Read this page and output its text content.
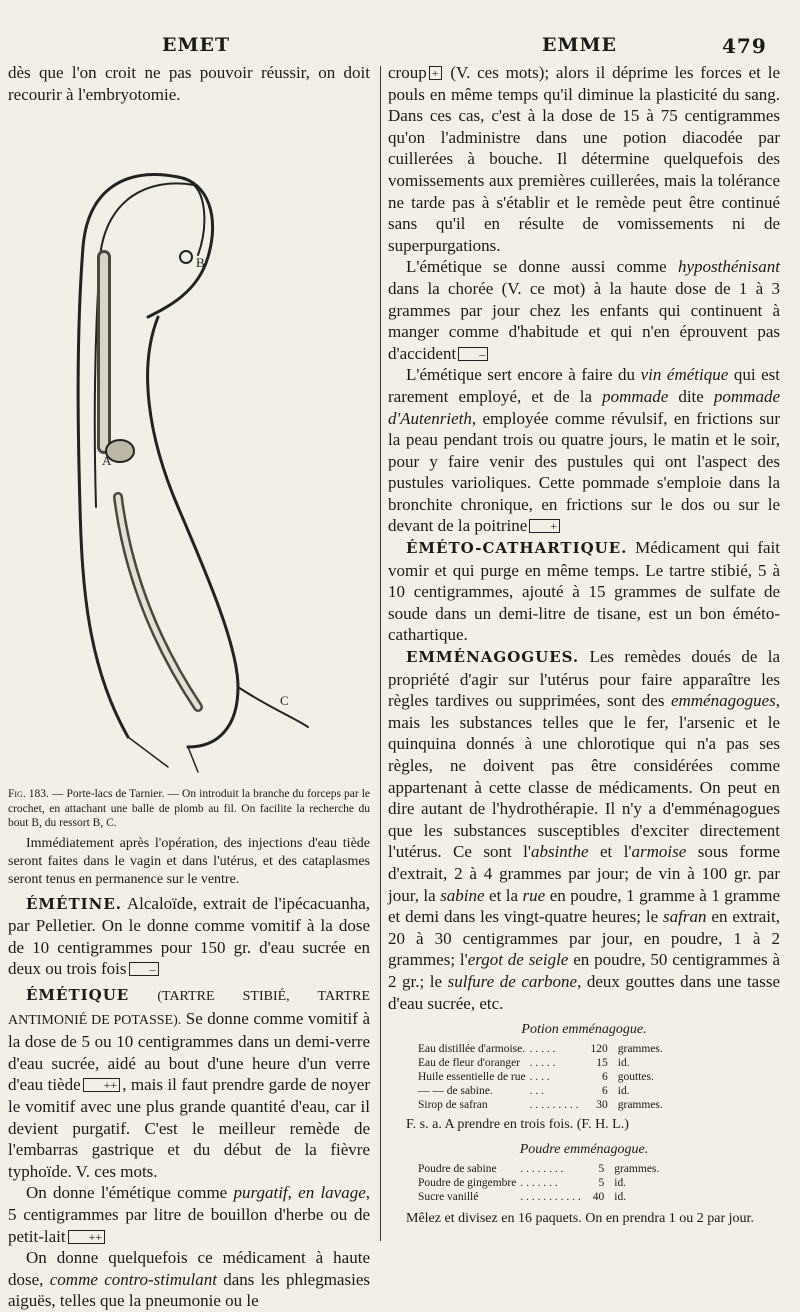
EMET	EMME	479

dès que l'on croit ne pas pouvoir réussir, on doit recourir à l'embryotomie.

B
A
C

Fig. 183. — Porte-lacs de Tarnier. — On introduit la branche du forceps par le crochet, en attachant une balle de plomb au fil. On facilite la recherche du bout B, du ressort B, C.

Immédiatement après l'opération, des injections d'eau tiède seront faites dans le vagin et dans l'utérus, et des cataplasmes seront tenus en permanence sur le ventre.

ÉMÉTINE. Alcaloïde, extrait de l'ipécacuanha, par Pelletier. On le donne comme vomitif à la dose de 10 centigrammes pour 150 gr. d'eau sucrée en deux ou trois fois –

ÉMÉTIQUE (TARTRE STIBIÉ, TARTRE ANTIMONIÉ DE POTASSE). Se donne comme vomitif à la dose de 5 ou 10 centigrammes dans un demi-verre d'eau sucrée, aidé au bout d'une heure d'un verre d'eau tiède ++ , mais il faut prendre garde de noyer le vomitif avec une plus grande quantité d'eau, car il devient purgatif. C'est le meilleur remède de l'embarras gastrique et du début de la fièvre typhoïde. V. ces mots.

On donne l'émétique comme purgatif, en lavage, 5 centigrammes par litre de bouillon d'herbe ou de petit-lait ++

On donne quelquefois ce médicament à haute dose, comme contro-stimulant dans les phlegmasies aiguës, telles que la pneumonie ou le

croup + (V. ces mots); alors il déprime les forces et le pouls en même temps qu'il diminue la plasticité du sang. Dans ces cas, c'est à la dose de 15 à 75 centigrammes qu'on l'administre dans une potion diacodée par cuillerées à bouche. Il détermine quelquefois des vomissements aux premières cuillerées, mais la tolérance ne tarde pas à s'établir et le remède peut être continué sans qu'il en résulte de vomissements ni de superpurgations.

L'émétique se donne aussi comme hyposthénisant dans la chorée (V. ce mot) à la haute dose de 1 à 3 grammes par jour chez les enfants qui continuent à manger comme d'habitude et qui n'en éprouvent pas d'accident –

L'émétique sert encore à faire du vin émétique qui est rarement employé, et de la pommade dite pommade d'Autenrieth, employée comme révulsif, en frictions sur la peau pendant trois ou quatre jours, le matin et le soir, pour y faire venir des pustules qui ont l'aspect des pustules varioliques. Cette pommade s'emploie dans la bronchite chronique, en frictions sur le dos ou sur le devant de la poitrine +

ÉMÉTO-CATHARTIQUE. Médicament qui fait vomir et qui purge en même temps. Le tartre stibié, 5 à 10 centigrammes, ajouté à 15 grammes de sulfate de soude dans un demi-litre de tisane, est un bon éméto-cathartique.

EMMÉNAGOGUES. Les remèdes doués de la propriété d'agir sur l'utérus pour faire apparaître les règles tardives ou supprimées, sont des emménagogues, mais les substances telles que le fer, l'arsenic et le quinquina donnés à une chlorotique qui n'a pas ses règles, ne doivent pas être considérées comme appartenant à cette classe de médicaments. On peut en dire autant de l'hydrothérapie. Il n'y a d'emménagogues que les substances susceptibles d'exciter directement l'utérus. Ce sont l'absinthe et l'armoise sous forme d'extrait, 2 à 4 grammes par jour; de vin à 100 gr. par jour, la sabine et la rue en poudre, 1 gramme à 1 gramme et demi dans les vingt-quatre heures; le safran en extrait, 20 à 30 centigrammes par jour, en poudre, 1 à 2 grammes; l'ergot de seigle en poudre, 50 centigrammes à 2 gr.; le sulfure de carbone, deux gouttes dans une tasse d'eau sucrée, etc.

Potion emménagogue.
Eau distillée d'armoise.	. . . . .	120	grammes.
Eau de fleur d'oranger	. . . . .	15	id.
Huile essentielle de rue	. . . .	6	gouttes.
— — de sabine.	. . .	6	id.
Sirop de safran	. . . . . . . . .	30	grammes.

F. s. a. A prendre en trois fois. (F. H. L.)

Poudre emménagogue.
Poudre de sabine	. . . . . . . .	5	grammes.
Poudre de gingembre	. . . . . . .	5	id.
Sucre vanillé	. . . . . . . . . . .	40	id.

Mêlez et divisez en 16 paquets. On en prendra 1 ou 2 par jour.
